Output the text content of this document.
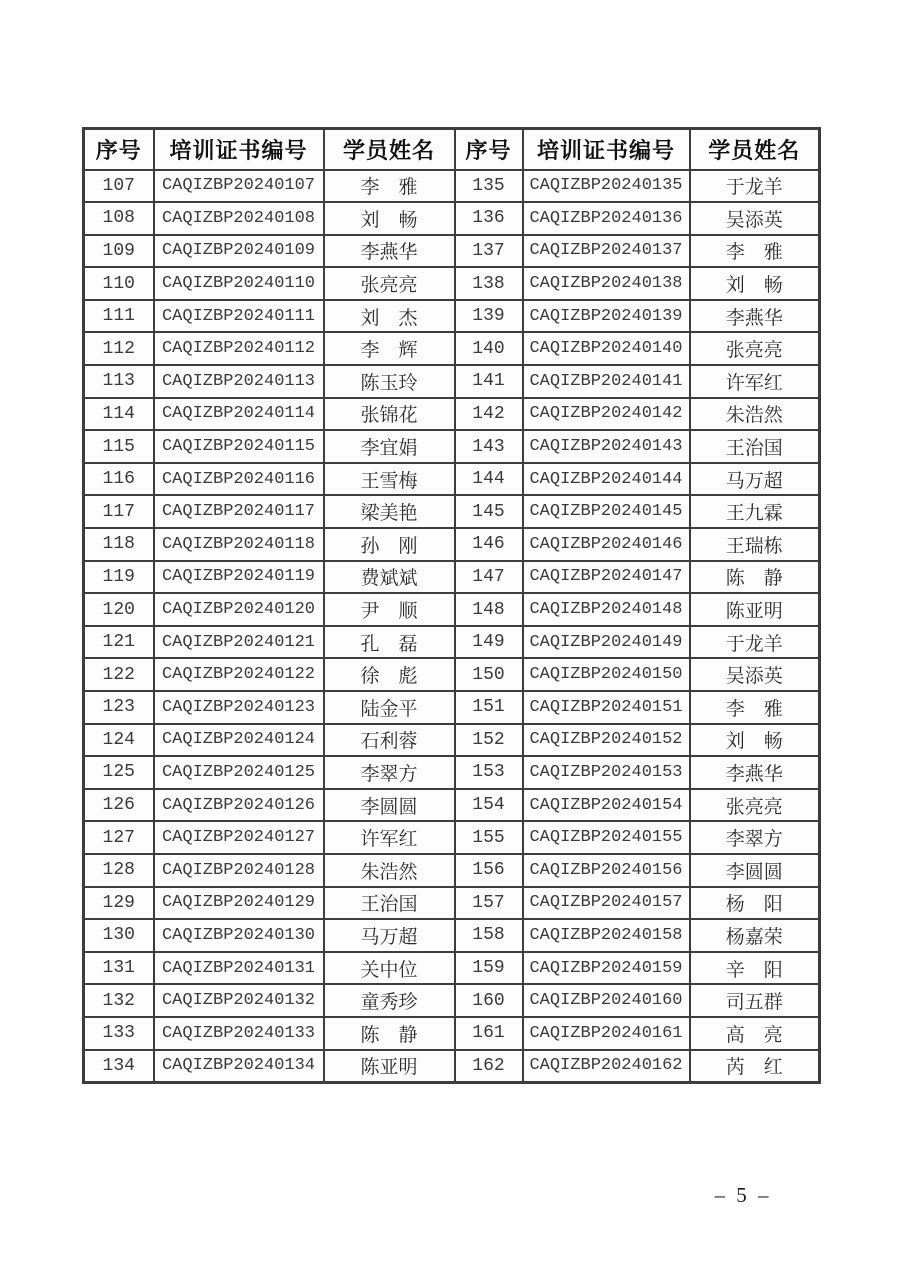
序号	培训证书编号	学员姓名	序号	培训证书编号	学员姓名
107	CAQIZBP20240107	李　雅	135	CAQIZBP20240135	于龙羊
108	CAQIZBP20240108	刘　畅	136	CAQIZBP20240136	吴添英
109	CAQIZBP20240109	李燕华	137	CAQIZBP20240137	李　雅
110	CAQIZBP20240110	张亮亮	138	CAQIZBP20240138	刘　畅
111	CAQIZBP20240111	刘　杰	139	CAQIZBP20240139	李燕华
112	CAQIZBP20240112	李　辉	140	CAQIZBP20240140	张亮亮
113	CAQIZBP20240113	陈玉玲	141	CAQIZBP20240141	许军红
114	CAQIZBP20240114	张锦花	142	CAQIZBP20240142	朱浩然
115	CAQIZBP20240115	李宜娟	143	CAQIZBP20240143	王治国
116	CAQIZBP20240116	王雪梅	144	CAQIZBP20240144	马万超
117	CAQIZBP20240117	梁美艳	145	CAQIZBP20240145	王九霖
118	CAQIZBP20240118	孙　刚	146	CAQIZBP20240146	王瑞栋
119	CAQIZBP20240119	费斌斌	147	CAQIZBP20240147	陈　静
120	CAQIZBP20240120	尹　顺	148	CAQIZBP20240148	陈亚明
121	CAQIZBP20240121	孔　磊	149	CAQIZBP20240149	于龙羊
122	CAQIZBP20240122	徐　彪	150	CAQIZBP20240150	吴添英
123	CAQIZBP20240123	陆金平	151	CAQIZBP20240151	李　雅
124	CAQIZBP20240124	石利蓉	152	CAQIZBP20240152	刘　畅
125	CAQIZBP20240125	李翠方	153	CAQIZBP20240153	李燕华
126	CAQIZBP20240126	李圆圆	154	CAQIZBP20240154	张亮亮
127	CAQIZBP20240127	许军红	155	CAQIZBP20240155	李翠方
128	CAQIZBP20240128	朱浩然	156	CAQIZBP20240156	李圆圆
129	CAQIZBP20240129	王治国	157	CAQIZBP20240157	杨　阳
130	CAQIZBP20240130	马万超	158	CAQIZBP20240158	杨嘉荣
131	CAQIZBP20240131	关中位	159	CAQIZBP20240159	辛　阳
132	CAQIZBP20240132	童秀珍	160	CAQIZBP20240160	司五群
133	CAQIZBP20240133	陈　静	161	CAQIZBP20240161	高　亮
134	CAQIZBP20240134	陈亚明	162	CAQIZBP20240162	芮　红
– 5 –
